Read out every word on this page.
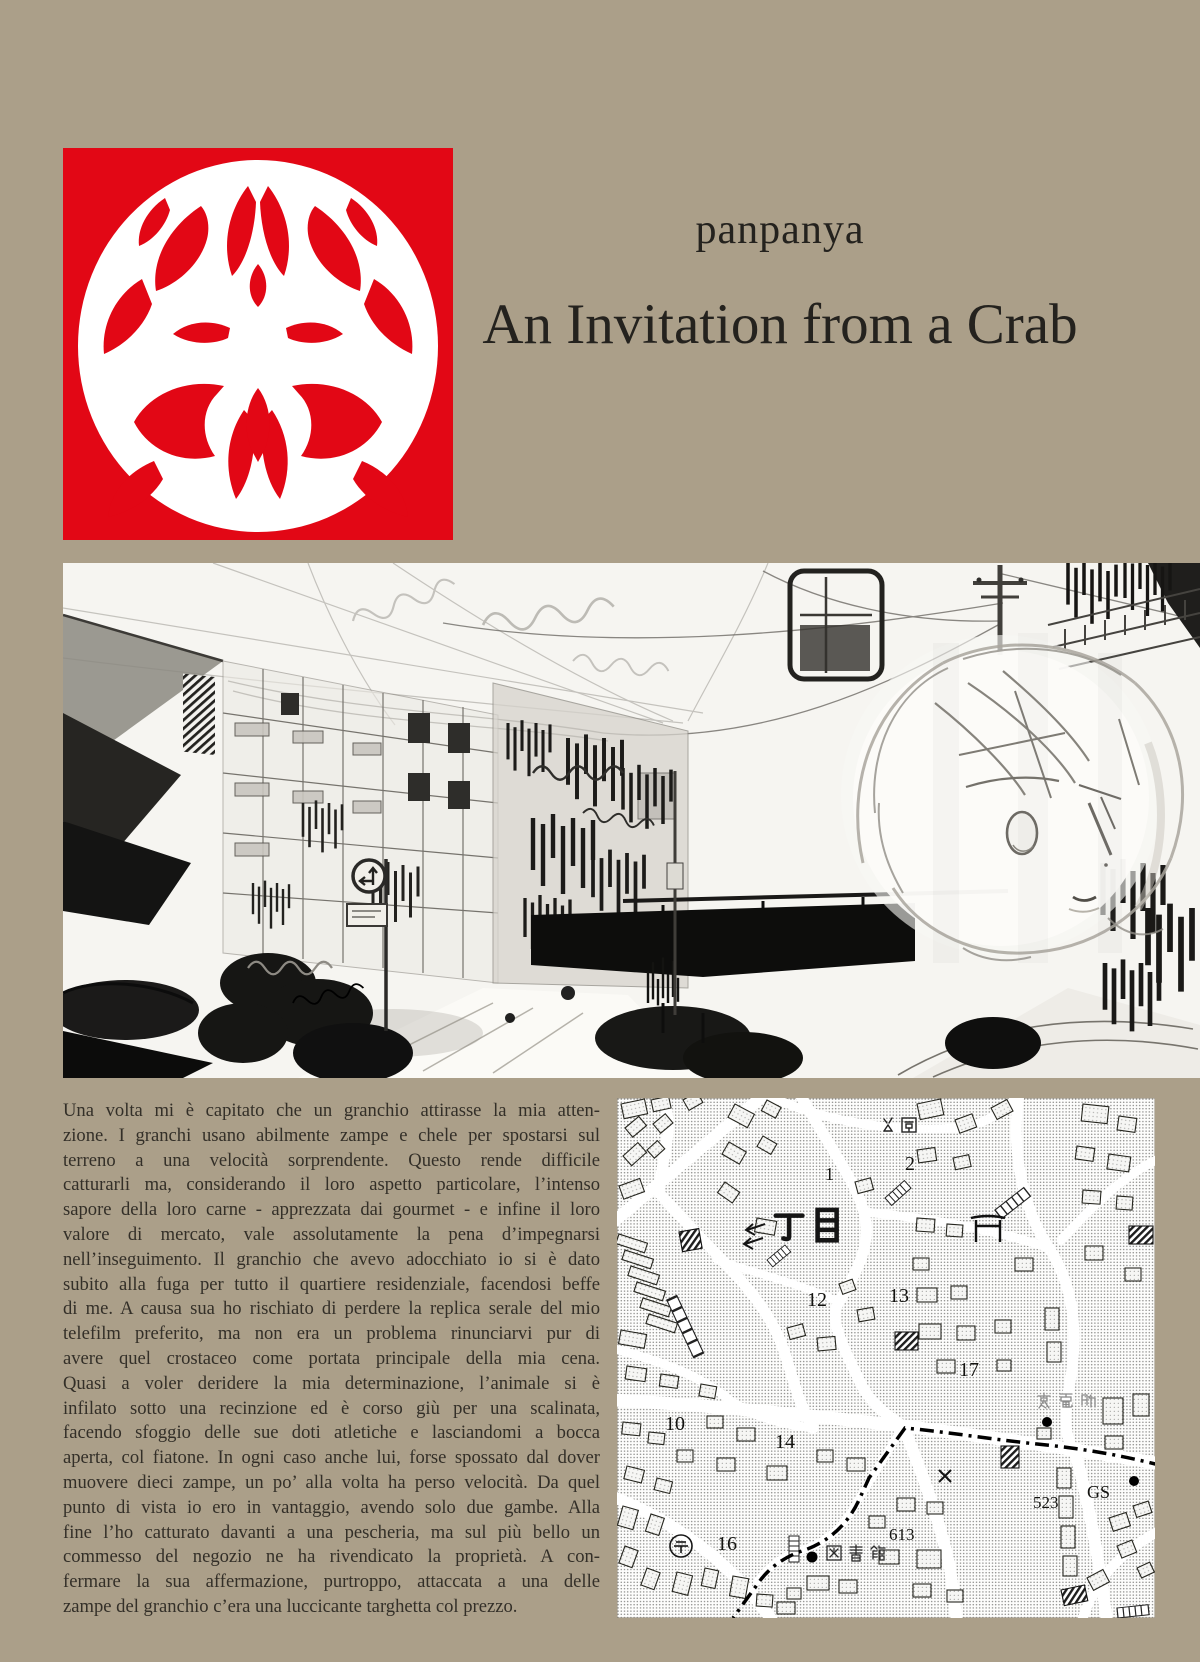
panpanya
An Invitation from a Crab
Una volta mi è capitato che un granchio attirasse la mia atten-
zione. I granchi usano abilmente zampe e chele per spostarsi sul
terreno a una velocità sorprendente. Questo rende difficile
catturarli ma, considerando il loro aspetto particolare, l’intenso
sapore della loro carne - apprezzata dai gourmet - e infine il loro
valore di mercato, vale assolutamente la pena d’impegnarsi
nell’inseguimento. Il granchio che avevo adocchiato io si è dato
subito alla fuga per tutto il quartiere residenziale, facendosi beffe
di me. A causa sua ho rischiato di perdere la replica serale del mio
telefilm preferito, ma non era un problema rinunciarvi pur di
avere quel crostaceo come portata principale della mia cena.
Quasi a voler deridere la mia determinazione, l’animale si è
infilato sotto una recinzione ed è corso giù per una scalinata,
facendo sfoggio delle sue doti atletiche e lasciandomi a bocca
aperta, col fiatone. In ogni caso anche lui, forse spossato dal dover
muovere dieci zampe, un po’ alla volta ha perso velocità. Da quel
punto di vista io ero in vantaggio, avendo solo due gambe. Alla
fine l’ho catturato davanti a una pescheria, ma sul più bello un
commesso del negozio ne ha rivendicato la proprietà. A con-
fermare la sua affermazione, purtroppo, attaccata a una delle
zampe del granchio c’era una luccicante targhetta col prezzo.
2
1
12	13
17
10
14
16
523
613
GS
